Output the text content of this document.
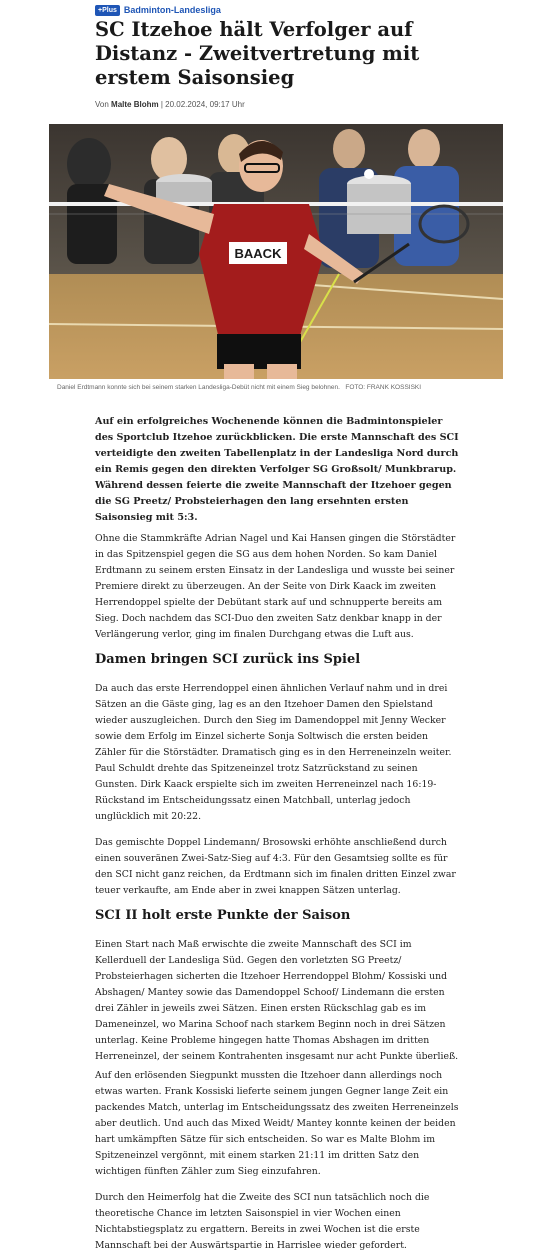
+Plus Badminton-Landesliga
SC Itzehoe hält Verfolger auf Distanz - Zweitvertretung mit erstem Saisonsieg
Von Malte Blohm | 20.02.2024, 09:17 Uhr
BAACK
Daniel Erdtmann konnte sich bei seinem starken Landesliga-Debüt nicht mit einem Sieg belohnen. FOTO: FRANK KOSSISKI

Auf ein erfolgreiches Wochenende können die Badmintonspieler des Sportclub Itzehoe zurückblicken. Die erste Mannschaft des SCI verteidigte den zweiten Tabellenplatz in der Landesliga Nord durch ein Remis gegen den direkten Verfolger SG Großsolt/ Munkbrarup. Während dessen feierte die zweite Mannschaft der Itzehoer gegen die SG Preetz/ Probsteierhagen den lang ersehnten ersten Saisonsieg mit 5:3.

Ohne die Stammkräfte Adrian Nagel und Kai Hansen gingen die Störstädter in das Spitzenspiel gegen die SG aus dem hohen Norden. So kam Daniel Erdtmann zu seinem ersten Einsatz in der Landesliga und wusste bei seiner Premiere direkt zu überzeugen. An der Seite von Dirk Kaack im zweiten Herrendoppel spielte der Debütant stark auf und schnupperte bereits am Sieg. Doch nachdem das SCI-Duo den zweiten Satz denkbar knapp in der Verlängerung verlor, ging im finalen Durchgang etwas die Luft aus.

Damen bringen SCI zurück ins Spiel

Da auch das erste Herrendoppel einen ähnlichen Verlauf nahm und in drei Sätzen an die Gäste ging, lag es an den Itzehoer Damen den Spielstand wieder auszugleichen. Durch den Sieg im Damendoppel mit Jenny Wecker sowie dem Erfolg im Einzel sicherte Sonja Soltwisch die ersten beiden Zähler für die Störstädter. Dramatisch ging es in den Herreneinzeln weiter. Paul Schuldt drehte das Spitzeneinzel trotz Satzrückstand zu seinen Gunsten. Dirk Kaack erspielte sich im zweiten Herreneinzel nach 16:19-Rückstand im Entscheidungssatz einen Matchball, unterlag jedoch unglücklich mit 20:22.

Das gemischte Doppel Lindemann/ Brosowski erhöhte anschließend durch einen souveränen Zwei-Satz-Sieg auf 4:3. Für den Gesamtsieg sollte es für den SCI nicht ganz reichen, da Erdtmann sich im finalen dritten Einzel zwar teuer verkaufte, am Ende aber in zwei knappen Sätzen unterlag.

SCI II holt erste Punkte der Saison

Einen Start nach Maß erwischte die zweite Mannschaft des SCI im Kellerduell der Landesliga Süd. Gegen den vorletzten SG Preetz/ Probsteierhagen sicherten die Itzehoer Herrendoppel Blohm/ Kossiski und Abshagen/ Mantey sowie das Damendoppel Schoof/ Lindemann die ersten drei Zähler in jeweils zwei Sätzen. Einen ersten Rückschlag gab es im Dameneinzel, wo Marina Schoof nach starkem Beginn noch in drei Sätzen unterlag. Keine Probleme hingegen hatte Thomas Abshagen im dritten Herreneinzel, der seinem Kontrahenten insgesamt nur acht Punkte überließ.

Auf den erlösenden Siegpunkt mussten die Itzehoer dann allerdings noch etwas warten. Frank Kossiski lieferte seinem jungen Gegner lange Zeit ein packendes Match, unterlag im Entscheidungssatz des zweiten Herreneinzels aber deutlich. Und auch das Mixed Weidt/ Mantey konnte keinen der beiden hart umkämpften Sätze für sich entscheiden. So war es Malte Blohm im Spitzeneinzel vergönnt, mit einem starken 21:11 im dritten Satz den wichtigen fünften Zähler zum Sieg einzufahren.

Durch den Heimerfolg hat die Zweite des SCI nun tatsächlich noch die theoretische Chance im letzten Saisonspiel in vier Wochen einen Nichtabstiegsplatz zu ergattern. Bereits in zwei Wochen ist die erste Mannschaft bei der Auswärtspartie in Harrislee wieder gefordert.
